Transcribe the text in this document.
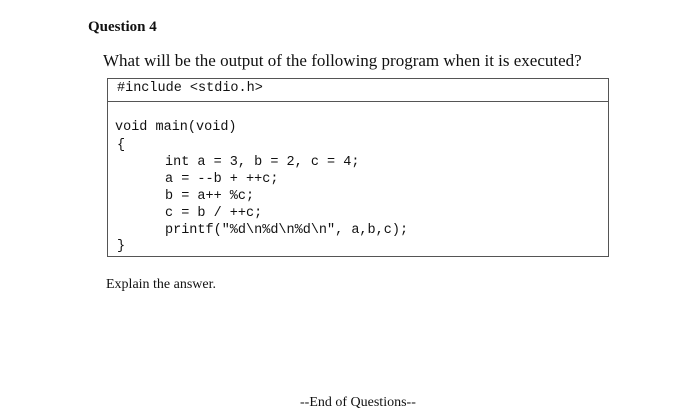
Question 4
What will be the output of the following program when it is executed?
#include <stdio.h>
void main(void)
{
int a = 3, b = 2, c = 4;
a = --b + ++c;
b = a++ %c;
c = b / ++c;
printf("%d\n%d\n%d\n", a,b,c);
}
Explain the answer.
--End of Questions--
